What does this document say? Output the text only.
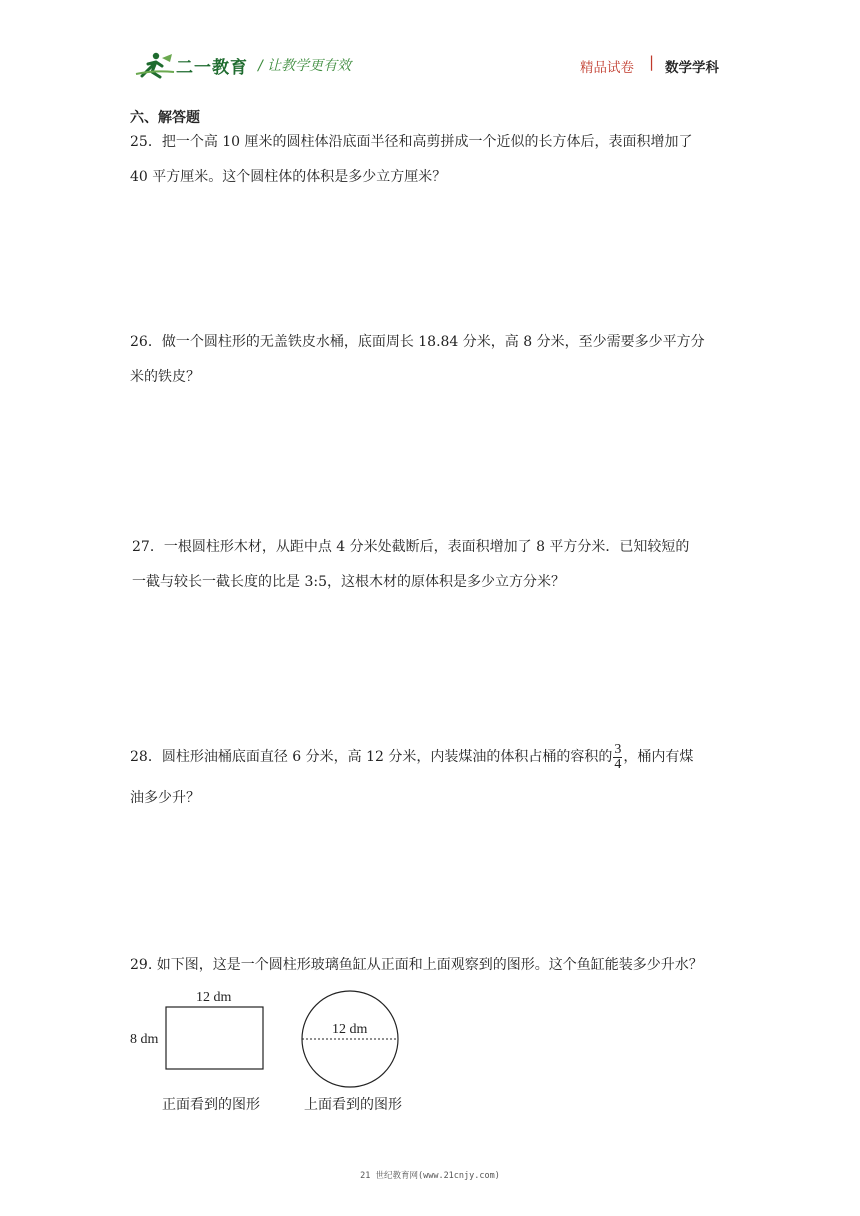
二一教育 / 让教学更有效	精品试卷 | 数学学科
六、解答题

25．把一个高 10 厘米的圆柱体沿底面半径和高剪拼成一个近似的长方体后，表面积增加了

40 平方厘米。这个圆柱体的体积是多少立方厘米？

26．做一个圆柱形的无盖铁皮水桶，底面周长 18.84 分米，高 8 分米，至少需要多少平方分

米的铁皮？

27．一根圆柱形木材，从距中点 4 分米处截断后，表面积增加了 8 平方分米．已知较短的

一截与较长一截长度的比是 3:5，这根木材的原体积是多少立方分米？

28．圆柱形油桶底面直径 6 分米，高 12 分米，内装煤油的体积占桶的容积的 $\frac{3}{4}$ ，桶内有煤

油多少升？

29. 如下图，这是一个圆柱形玻璃鱼缸从正面和上面观察到的图形。这个鱼缸能装多少升水？

12 dm
8 dm
12 dm
正面看到的图形	上面看到的图形
21 世纪教育网(www.21cnjy.com)
